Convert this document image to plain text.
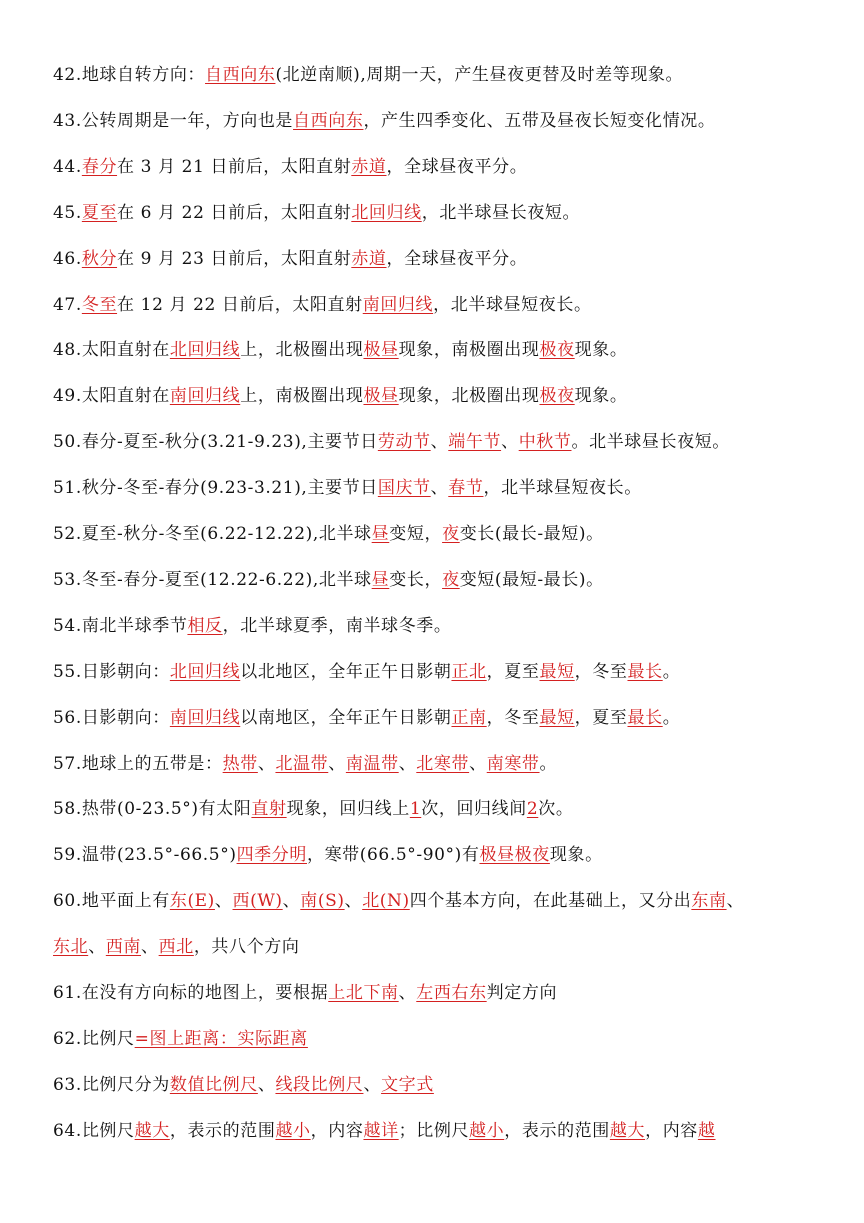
42.地球自转方向：自西向东(北逆南顺),周期一天，产生昼夜更替及时差等现象。
43.公转周期是一年，方向也是自西向东，产生四季变化、五带及昼夜长短变化情况。
44.春分在 3 月 21 日前后，太阳直射赤道，全球昼夜平分。
45.夏至在 6 月 22 日前后，太阳直射北回归线，北半球昼长夜短。
46.秋分在 9 月 23 日前后，太阳直射赤道，全球昼夜平分。
47.冬至在 12 月 22 日前后，太阳直射南回归线，北半球昼短夜长。
48.太阳直射在北回归线上，北极圈出现极昼现象，南极圈出现极夜现象。
49.太阳直射在南回归线上，南极圈出现极昼现象，北极圈出现极夜现象。
50.春分-夏至-秋分(3.21-9.23),主要节日劳动节、端午节、中秋节。北半球昼长夜短。
51.秋分-冬至-春分(9.23-3.21),主要节日国庆节、春节，北半球昼短夜长。
52.夏至-秋分-冬至(6.22-12.22),北半球昼变短，夜变长(最长-最短)。
53.冬至-春分-夏至(12.22-6.22),北半球昼变长，夜变短(最短-最长)。
54.南北半球季节相反，北半球夏季，南半球冬季。
55.日影朝向：北回归线以北地区，全年正午日影朝正北，夏至最短，冬至最长。
56.日影朝向：南回归线以南地区，全年正午日影朝正南，冬至最短，夏至最长。
57.地球上的五带是：热带、北温带、南温带、北寒带、南寒带。
58.热带(0-23.5°)有太阳直射现象，回归线上1次，回归线间2次。
59.温带(23.5°-66.5°)四季分明，寒带(66.5°-90°)有极昼极夜现象。
60.地平面上有东(E)、西(W)、南(S)、北(N)四个基本方向，在此基础上，又分出东南、
东北、西南、西北，共八个方向
61.在没有方向标的地图上，要根据上北下南、左西右东判定方向
62.比例尺=图上距离：实际距离
63.比例尺分为数值比例尺、线段比例尺、文字式
64.比例尺越大，表示的范围越小，内容越详；比例尺越小，表示的范围越大，内容越
